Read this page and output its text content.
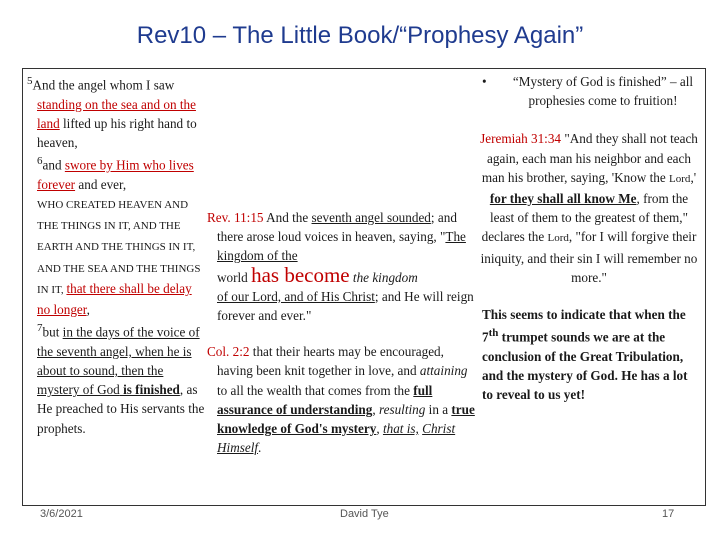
Rev10 – The Little Book/“Prophesy Again”

$^5$And the angel whom I saw standing on the sea and on the land lifted up his right hand to heaven,
$^6$and swore by Him who lives forever and ever,
WHO CREATED HEAVEN AND THE THINGS IN IT, AND THE EARTH AND THE THINGS IN IT, AND THE SEA AND THE THINGS IN IT, that there shall be delay no longer,
$^7$but in the days of the voice of the seventh angel, when he is about to sound, then the mystery of God is finished, as He preached to His servants the prophets.

Rev. 11:15 And the seventh angel sounded; and there arose loud voices in heaven, saying, "The kingdom of the
world has become the kingdom
of our Lord, and of His Christ; and He will reign forever and ever."

Col. 2:2 that their hearts may be encouraged, having been knit together in love, and attaining to all the wealth that comes from the full assurance of understanding, resulting in a true knowledge of God's mystery, that is, Christ Himself.

•	“Mystery of God is finished” – all prophesies come to fruition!

Jeremiah 31:34 "And they shall not teach again, each man his neighbor and each man his brother, saying, 'Know the Lord,' for they shall all know Me, from the least of them to the greatest of them," declares the Lord, "for I will forgive their iniquity, and their sin I will remember no more."

This seems to indicate that when the 7th trumpet sounds we are at the conclusion of the Great Tribulation, and the mystery of God. He has a lot to reveal to us yet!

3/6/2021	David Tye	17
